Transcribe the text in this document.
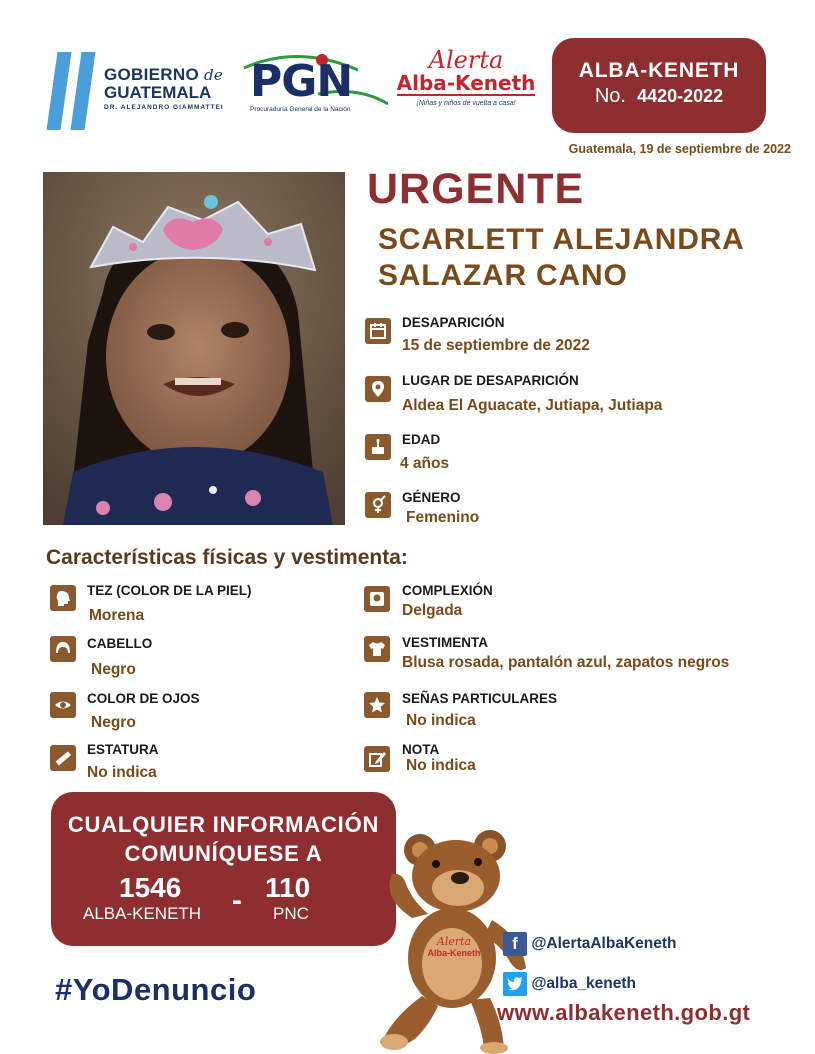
GOBIERNO de
GUATEMALA
DR. ALEJANDRO GIAMMATTEI
PGN
Procuraduría General de la Nación
Alerta
Alba-Keneth
¡Niñas y niños de vuelta a casa!
ALBA-KENETH
No. 4420-2022
Guatemala, 19 de septiembre de 2022
URGENTE
SCARLETT ALEJANDRA
SALAZAR CANO
DESAPARICIÓN
15 de septiembre de 2022
LUGAR DE DESAPARICIÓN
Aldea El Aguacate, Jutiapa, Jutiapa
EDAD
4 años
GÉNERO
Femenino
Características físicas y vestimenta:
TEZ (COLOR DE LA PIEL)
Morena
CABELLO
Negro
COLOR DE OJOS
Negro
ESTATURA
No indica
COMPLEXIÓN
Delgada
VESTIMENTA
Blusa rosada, pantalón azul, zapatos negros
SEÑAS PARTICULARES
No indica
NOTA
No indica
CUALQUIER INFORMACIÓN
COMUNÍQUESE A
1546
ALBA-KENETH - 110
PNC
#YoDenuncio
Alerta
Alba-Keneth	f @AlertaAlbaKeneth
@alba_keneth
www.albakeneth.gob.gt
